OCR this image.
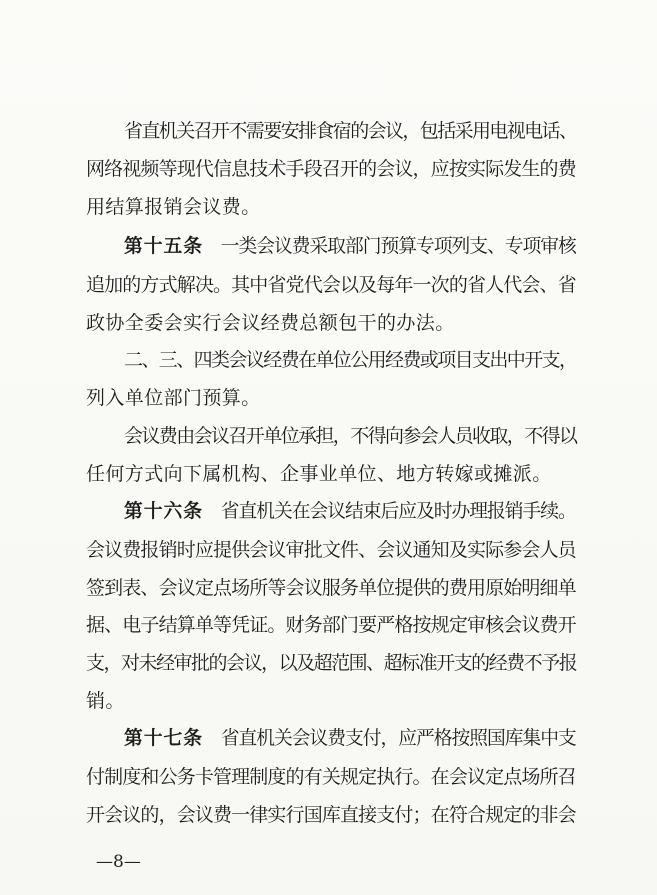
省直机关召开不需要安排食宿的会议，包括采用电视电话、
网络视频等现代信息技术手段召开的会议，应按实际发生的费
用结算报销会议费。
第十五条　一类会议费采取部门预算专项列支、专项审核
追加的方式解决。其中省党代会以及每年一次的省人代会、省
政协全委会实行会议经费总额包干的办法。
二、三、四类会议经费在单位公用经费或项目支出中开支，
列入单位部门预算。
会议费由会议召开单位承担，不得向参会人员收取，不得以
任何方式向下属机构、企事业单位、地方转嫁或摊派。
第十六条　省直机关在会议结束后应及时办理报销手续。
会议费报销时应提供会议审批文件、会议通知及实际参会人员
签到表、会议定点场所等会议服务单位提供的费用原始明细单
据、电子结算单等凭证。财务部门要严格按规定审核会议费开
支，对未经审批的会议，以及超范围、超标准开支的经费不予报
销。
第十七条　省直机关会议费支付，应严格按照国库集中支
付制度和公务卡管理制度的有关规定执行。在会议定点场所召
开会议的，会议费一律实行国库直接支付；在符合规定的非会
—8—
